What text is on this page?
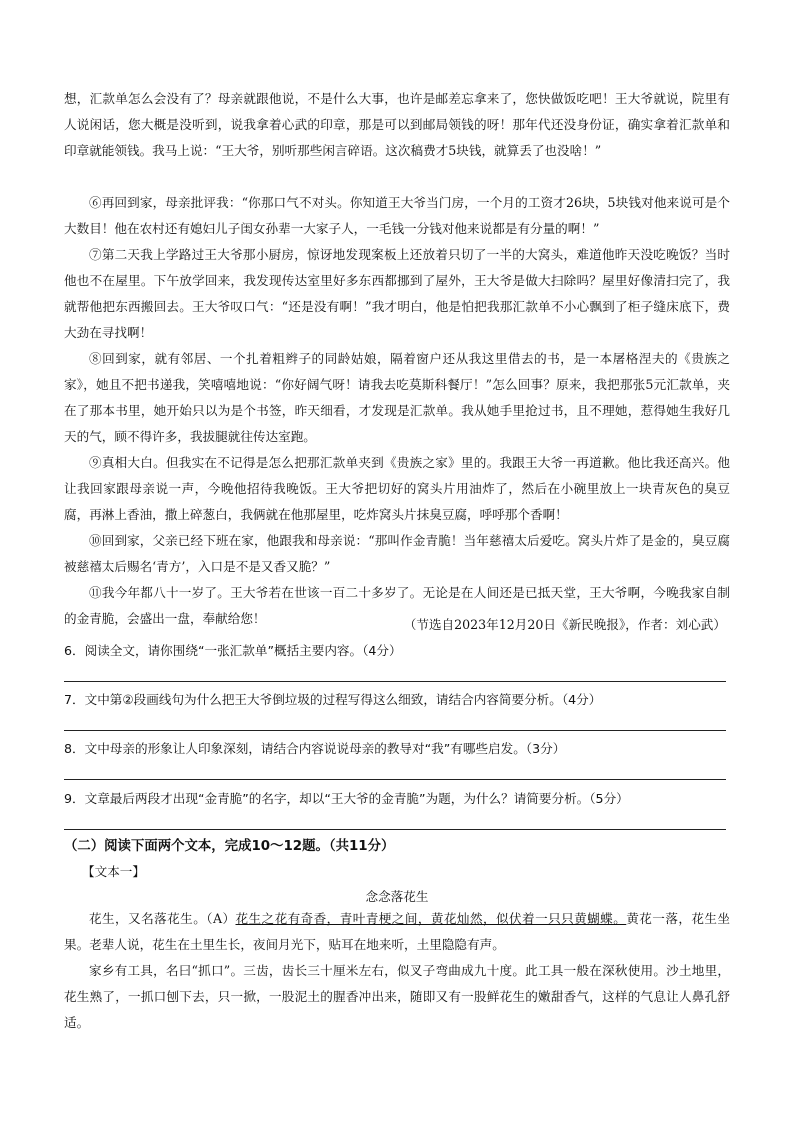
想，汇款单怎么会没有了？母亲就跟他说，不是什么大事，也许是邮差忘拿来了，您快做饭吃吧！王大爷就说，院里有人说闲话，您大概是没听到，说我拿着心武的印章，那是可以到邮局领钱的呀！那年代还没身份证，确实拿着汇款单和印章就能领钱。我马上说：“王大爷，别听那些闲言碎语。这次稿费才5块钱，就算丢了也没啥！”

⑥再回到家，母亲批评我：“你那口气不对头。你知道王大爷当门房，一个月的工资才26块，5块钱对他来说可是个大数目！他在农村还有媳妇儿子闺女孙辈一大家子人，一毛钱一分钱对他来说都是有分量的啊！”

⑦第二天我上学路过王大爷那小厨房，惊讶地发现案板上还放着只切了一半的大窝头，难道他昨天没吃晚饭？当时他也不在屋里。下午放学回来，我发现传达室里好多东西都挪到了屋外，王大爷是做大扫除吗？屋里好像清扫完了，我就帮他把东西搬回去。王大爷叹口气：“还是没有啊！”我才明白，他是怕把我那汇款单不小心飘到了柜子缝床底下，费大劲在寻找啊！

⑧回到家，就有邻居、一个扎着粗辫子的同龄姑娘，隔着窗户还从我这里借去的书，是一本屠格涅夫的《贵族之家》，她且不把书递我，笑嘻嘻地说：“你好阔气呀！请我去吃莫斯科餐厅！”怎么回事？原来，我把那张5元汇款单，夹在了那本书里，她开始只以为是个书签，昨天细看，才发现是汇款单。我从她手里抢过书，且不理她，惹得她生我好几天的气，顾不得许多，我拔腿就往传达室跑。

⑨真相大白。但我实在不记得是怎么把那汇款单夹到《贵族之家》里的。我跟王大爷一再道歉。他比我还高兴。他让我回家跟母亲说一声，今晚他招待我晚饭。王大爷把切好的窝头片用油炸了，然后在小碗里放上一块青灰色的臭豆腐，再淋上香油，撒上碎葱白，我俩就在他那屋里，吃炸窝头片抹臭豆腐，呼呼那个香啊！

⑩回到家，父亲已经下班在家，他跟我和母亲说：“那叫作金青脆！当年慈禧太后爱吃。窝头片炸了是金的，臭豆腐被慈禧太后赐名‘青方’，入口是不是又香又脆？”

⑪我今年都八十一岁了。王大爷若在世该一百二十多岁了。无论是在人间还是已抵天堂，王大爷啊，今晚我家自制的金青脆，会盛出一盘，奉献给您！	（节选自2023年12月20日《新民晚报》，作者：刘心武）
6．阅读全文，请你围绕“一张汇款单”概括主要内容。（4分）
7．文中第②段画线句为什么把王大爷倒垃圾的过程写得这么细致，请结合内容简要分析。（4分）
8．文中母亲的形象让人印象深刻，请结合内容说说母亲的教导对“我”有哪些启发。（3分）
9．文章最后两段才出现“金青脆”的名字，却以“王大爷的金青脆”为题，为什么？请简要分析。（5分）
（二）阅读下面两个文本，完成10～12题。（共11分）
【文本一】
念念落花生

花生，又名落花生。（A）花生之花有奇香，青叶青梗之间，黄花灿然，似伏着一只只黄蝴蝶。黄花一落，花生坐果。老辈人说，花生在土里生长，夜间月光下，贴耳在地来听，土里隐隐有声。

家乡有工具，名曰“抓口”。三齿，齿长三十厘米左右，似叉子弯曲成九十度。此工具一般在深秋使用。沙土地里，花生熟了，一抓口刨下去，只一掀，一股泥土的腥香冲出来，随即又有一股鲜花生的嫩甜香气，这样的气息让人鼻孔舒适。
